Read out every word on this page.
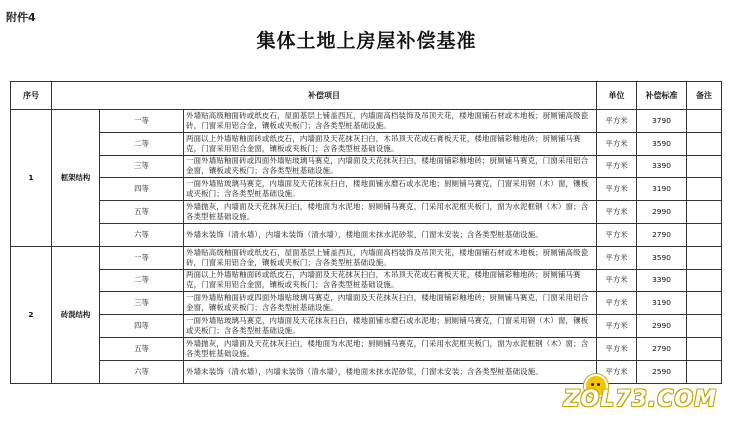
附件4
集体土地上房屋补偿基准
序号	补偿项目			单位	补偿标准	备注
1	框架结构	一等	外墙贴高级釉面砖或纸皮石，屋面基层上铺盖西瓦，内墙面高档装饰及吊顶天花，楼地面铺石材或木地板；厨厕铺高级瓷砖，门窗采用铝合金，镶板或夹板门；含各类型桩基础设施。	平方米	3790	
		二等	两面以上外墙贴釉面砖或纸皮石，内墙面及天花抹灰扫白，木吊顶天花或石膏板天花，楼地面铺彩釉地砖；厨厕铺马赛克，门窗采用铝合金窗，镶板或夹板门；含各类型桩基础设施。	平方米	3590	
		三等	一面外墙贴釉面砖或四面外墙贴玻璃马赛克，内墙面及天花抹灰扫白，楼地面铺彩釉地砖；厨厕铺马赛克，门窗采用铝合金窗，镶板或夹板门；含各类型桩基础设施。	平方米	3390	
		四等	一面外墙贴玻璃马赛克，内墙面及天花抹灰扫白，楼地面铺水磨石或水泥地；厨厕铺马赛克，门窗采用钢（木）窗，镶板或夹板门；含各类型桩基础设施。	平方米	3190	
		五等	外墙抛灰，内墙面及天花抹灰扫白，楼地面为水泥地；厨厕铺马赛克，门采用水泥框夹板门，窗为水泥框钢（木）窗；含各类型桩基础设施。	平方米	2990	
		六等	外墙未装饰（清水墙），内墙未装饰（清水墙），楼地面未抹水泥砂浆，门窗未安装；含各类型桩基础设施。	平方米	2790	
2	砖混结构	一等	外墙贴高级釉面砖或纸皮石，屋面基层上铺盖西瓦，内墙面高档装饰及吊顶天花，楼地面铺石材或木地板；厨厕铺高级瓷砖，门窗采用铝合金，镶板或夹板门；含各类型桩基础设施。	平方米	3590	
		二等	两面以上外墙贴釉面砖或纸皮石，内墙面及天花抹灰扫白，木吊顶天花或石膏板天花，楼地面铺彩釉地砖；厨厕铺马赛克，门窗采用铝合金窗，镶板或夹板门；含各类型桩基础设施。	平方米	3390	
		三等	一面外墙贴釉面砖或四面外墙贴玻璃马赛克，内墙面及天花抹灰扫白，楼地面铺彩釉地砖；厨厕铺马赛克，门窗采用铝合金窗，镶板或夹板门；含各类型桩基础设施。	平方米	3190	
		四等	一面外墙贴玻璃马赛克，内墙面及天花抹灰扫白，楼地面铺水磨石或水泥地；厨厕铺马赛克，门窗采用钢（木）窗，镶板或夹板门；含各类型桩基础设施。	平方米	2990	
		五等	外墙抛灰，内墙面及天花抹灰扫白，楼地面为水泥地；厨厕铺马赛克，门采用水泥框夹板门，窗为水泥框钢（木）窗；含各类型桩基础设施。	平方米	2790	
		六等	外墙未装饰（清水墙），内墙未装饰（清水墙），楼地面未抹水泥砂浆，门窗未安装；含各类型桩基础设施。	平方米	2590	
ZOL73.COM
